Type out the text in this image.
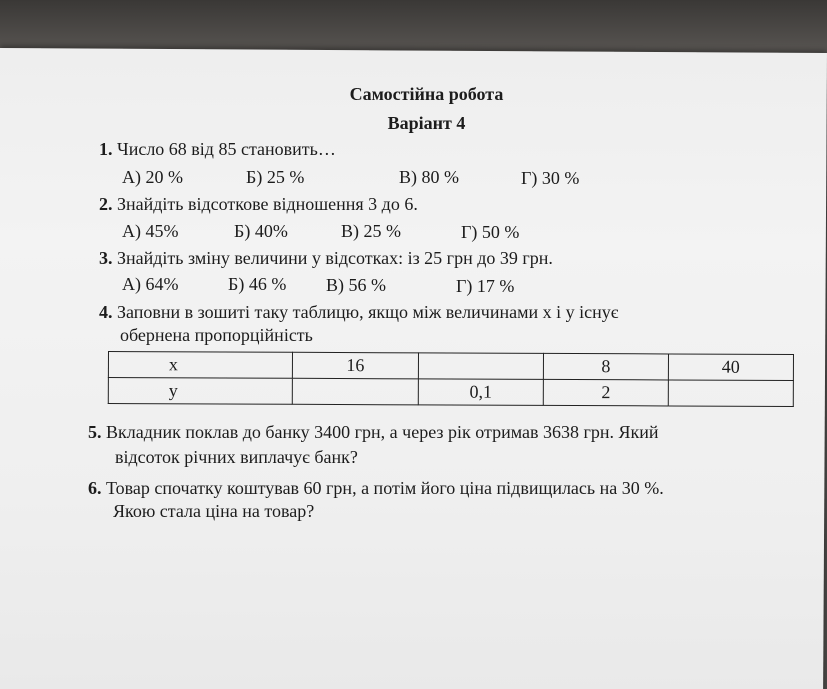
Самостійна робота
Варіант 4
1. Число 68 від 85 становить…
А) 20 %	Б) 25 %	В) 80 %	Г) 30 %
2. Знайдіть відсоткове відношення 3 до 6.
А) 45%	Б) 40%	В) 25 %	Г) 50 %
3. Знайдіть зміну величини у відсотках: із 25 грн до 39 грн.
А) 64%	Б) 46 % В) 56 %	Г) 17 %
4. Заповни в зошиті таку таблицю, якщо між величинами x і y існує
обернена пропорційність
x	16		8	40
y		0,1	2	
5. Вкладник поклав до банку 3400 грн, а через рік отримав 3638 грн. Який
відсоток річних виплачує банк?
6. Товар спочатку коштував 60 грн, а потім його ціна підвищилась на 30 %.
Якою стала ціна на товар?
